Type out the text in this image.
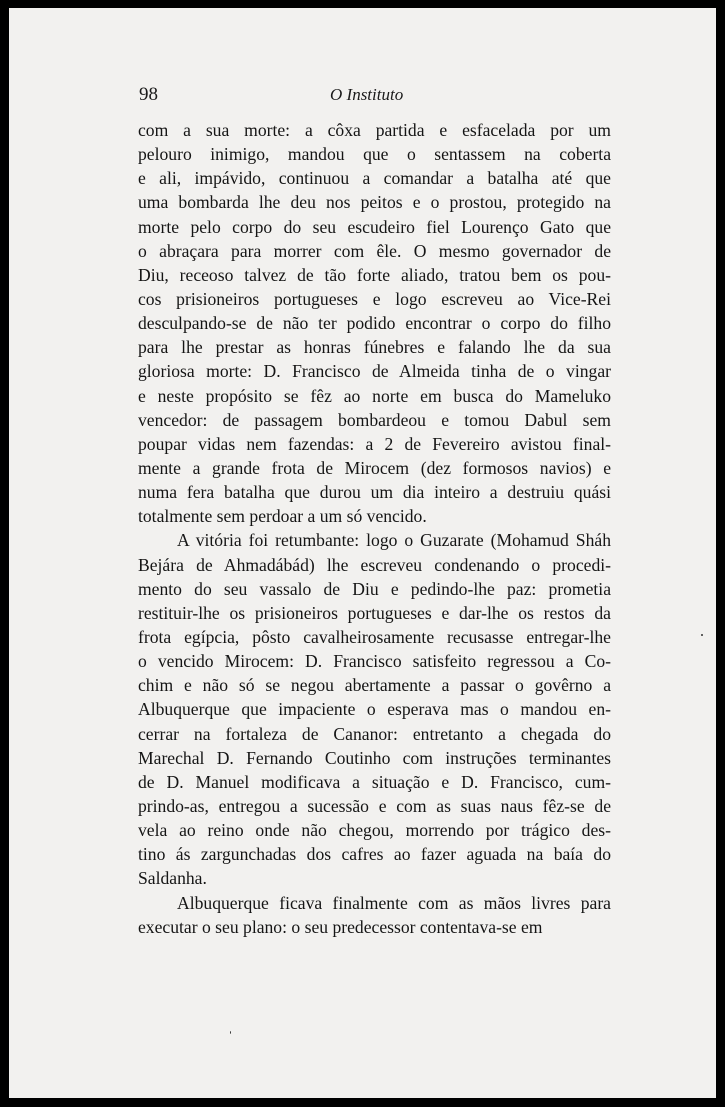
98	O Instituto
com a sua morte: a côxa partida e esfacelada por um
pelouro inimigo, mandou que o sentassem na coberta
e ali, impávido, continuou a comandar a batalha até que
uma bombarda lhe deu nos peitos e o prostou, protegido na
morte pelo corpo do seu escudeiro fiel Lourenço Gato que
o abraçara para morrer com êle. O mesmo governador de
Diu, receoso talvez de tão forte aliado, tratou bem os pou-
cos prisioneiros portugueses e logo escreveu ao Vice-Rei
desculpando-se de não ter podido encontrar o corpo do filho
para lhe prestar as honras fúnebres e falando lhe da sua
gloriosa morte: D. Francisco de Almeida tinha de o vingar
e neste propósito se fêz ao norte em busca do Mameluko
vencedor: de passagem bombardeou e tomou Dabul sem
poupar vidas nem fazendas: a 2 de Fevereiro avistou final-
mente a grande frota de Mirocem (dez formosos navios) e
numa fera batalha que durou um dia inteiro a destruiu quási
totalmente sem perdoar a um só vencido.
A vitória foi retumbante: logo o Guzarate (Mohamud Sháh
Bejára de Ahmadábád) lhe escreveu condenando o procedi-
mento do seu vassalo de Diu e pedindo-lhe paz: prometia
restituir-lhe os prisioneiros portugueses e dar-lhe os restos da
frota egípcia, pôsto cavalheirosamente recusasse entregar-lhe
o vencido Mirocem: D. Francisco satisfeito regressou a Co-
chim e não só se negou abertamente a passar o govêrno a
Albuquerque que impaciente o esperava mas o mandou en-
cerrar na fortaleza de Cananor: entretanto a chegada do
Marechal D. Fernando Coutinho com instruções terminantes
de D. Manuel modificava a situação e D. Francisco, cum-
prindo-as, entregou a sucessão e com as suas naus fêz-se de
vela ao reino onde não chegou, morrendo por trágico des-
tino ás zargunchadas dos cafres ao fazer aguada na baía do
Saldanha.
Albuquerque ficava finalmente com as mãos livres para
executar o seu plano: o seu predecessor contentava-se em
